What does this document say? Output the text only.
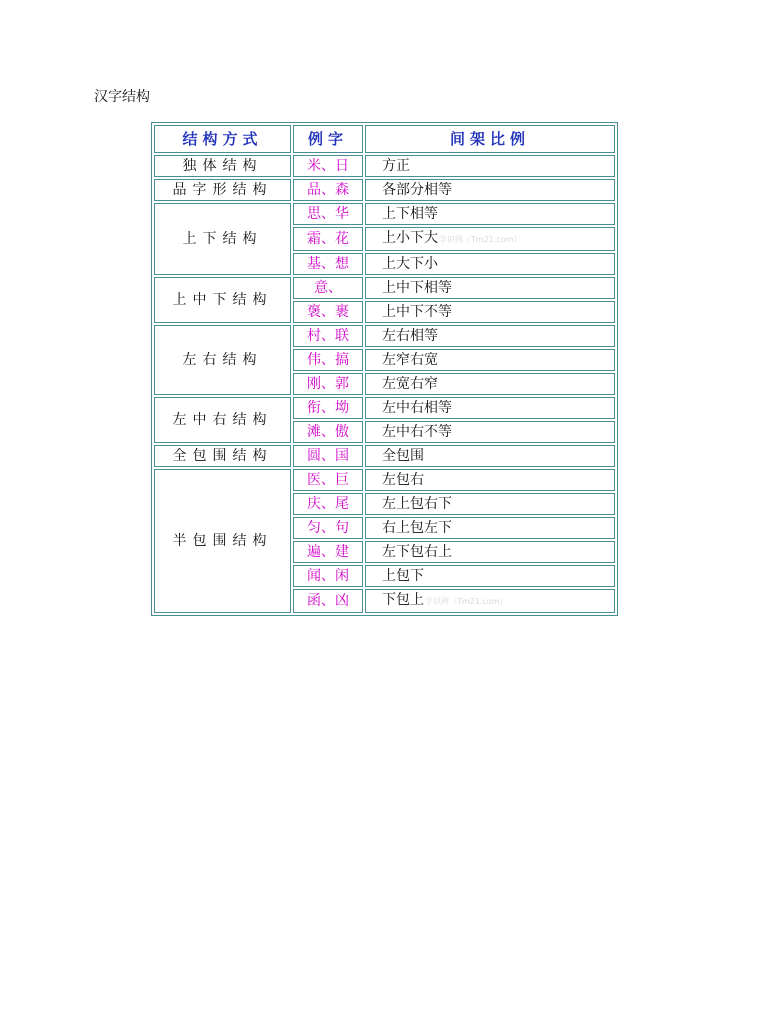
汉字结构
结构方式	例字	间架比例
独体结构	米、日	方正
品字形结构	品、森	各部分相等
上下结构	思、华	上下相等
	霜、花	上小下大学识网（Tm21.com）
	基、想	上大下小
上中下结构	意、	上中下相等
	褒、裹	上中下不等
左右结构	村、联	左右相等
	伟、搞	左窄右宽
	刚、郭	左宽右窄
左中右结构	衔、坳	左中右相等
	滩、傲	左中右不等
全包围结构	圆、国	全包围
半包围结构	医、巨	左包右
	庆、尾	左上包右下
	匀、句	右上包左下
	遍、建	左下包右上
	闻、闲	上包下
	函、凶	下包上学识网（Tm21.com）
